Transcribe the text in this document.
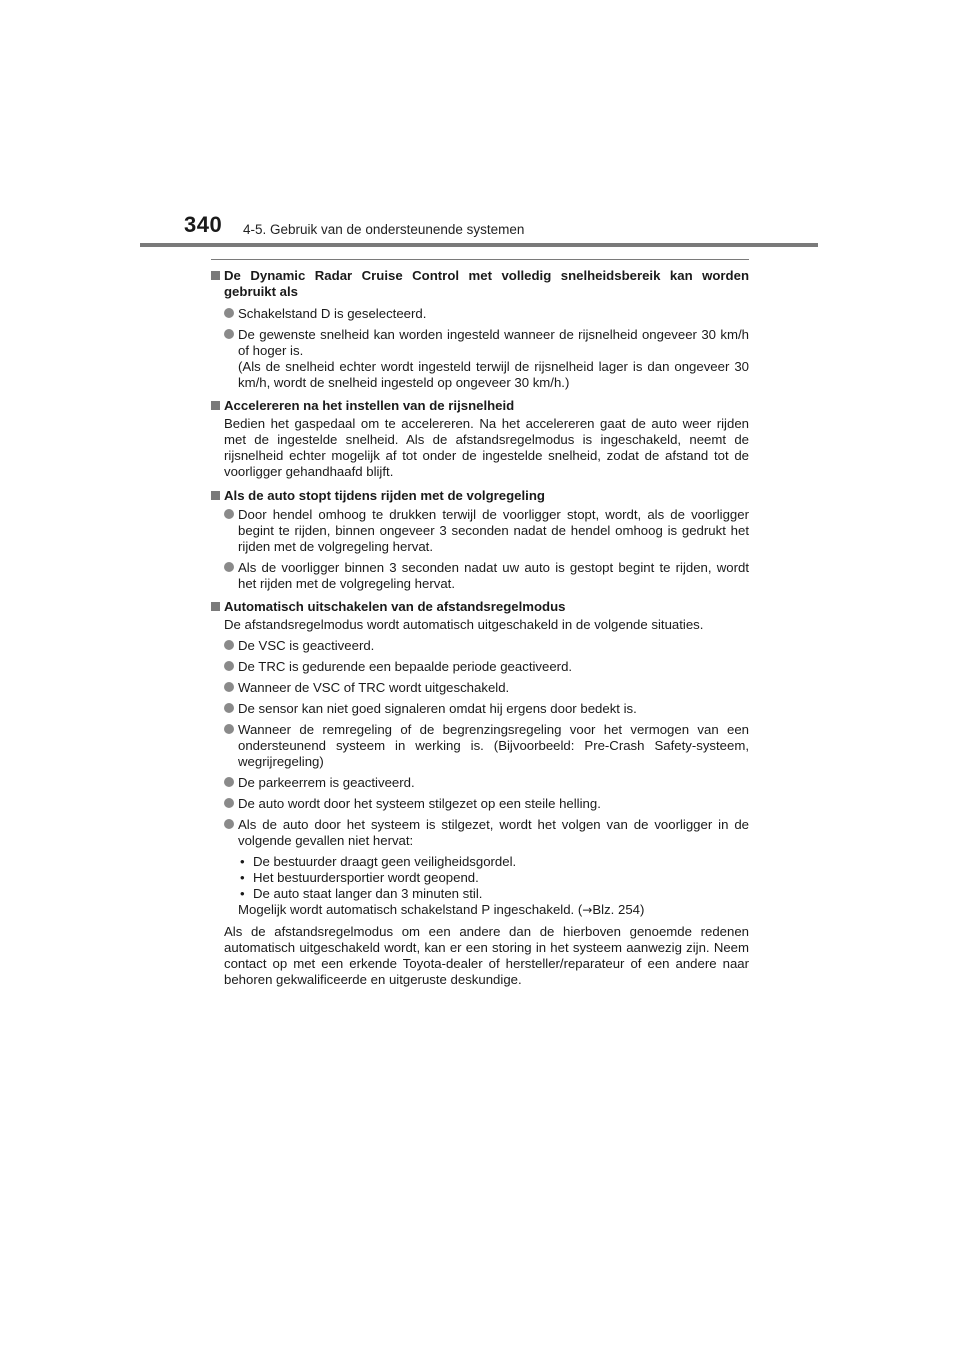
340 4-5. Gebruik van de ondersteunende systemen
De Dynamic Radar Cruise Control met volledig snelheidsbereik kan worden gebruikt als
Schakelstand D is geselecteerd.
De gewenste snelheid kan worden ingesteld wanneer de rijsnelheid ongeveer 30 km/h of hoger is.
(Als de snelheid echter wordt ingesteld terwijl de rijsnelheid lager is dan ongeveer 30 km/h, wordt de snelheid ingesteld op ongeveer 30 km/h.)
Accelereren na het instellen van de rijsnelheid
Bedien het gaspedaal om te accelereren. Na het accelereren gaat de auto weer rijden met de ingestelde snelheid. Als de afstandsregelmodus is ingeschakeld, neemt de rijsnelheid echter mogelijk af tot onder de ingestelde snelheid, zodat de afstand tot de voorligger gehandhaafd blijft.
Als de auto stopt tijdens rijden met de volgregeling
Door hendel omhoog te drukken terwijl de voorligger stopt, wordt, als de voorligger begint te rijden, binnen ongeveer 3 seconden nadat de hendel omhoog is gedrukt het rijden met de volgregeling hervat.
Als de voorligger binnen 3 seconden nadat uw auto is gestopt begint te rijden, wordt het rijden met de volgregeling hervat.
Automatisch uitschakelen van de afstandsregelmodus
De afstandsregelmodus wordt automatisch uitgeschakeld in de volgende situaties.
De VSC is geactiveerd.
De TRC is gedurende een bepaalde periode geactiveerd.
Wanneer de VSC of TRC wordt uitgeschakeld.
De sensor kan niet goed signaleren omdat hij ergens door bedekt is.
Wanneer de remregeling of de begrenzingsregeling voor het vermogen van een ondersteunend systeem in werking is. (Bijvoorbeeld: Pre-Crash Safety-systeem, wegrijregeling)
De parkeerrem is geactiveerd.
De auto wordt door het systeem stilgezet op een steile helling.
Als de auto door het systeem is stilgezet, wordt het volgen van de voorligger in de volgende gevallen niet hervat:
• De bestuurder draagt geen veiligheidsgordel.
• Het bestuurdersportier wordt geopend.
• De auto staat langer dan 3 minuten stil.
Mogelijk wordt automatisch schakelstand P ingeschakeld. (→Blz. 254)
Als de afstandsregelmodus om een andere dan de hierboven genoemde redenen automatisch uitgeschakeld wordt, kan er een storing in het systeem aanwezig zijn. Neem contact op met een erkende Toyota-dealer of hersteller/reparateur of een andere naar behoren gekwalificeerde en uitgeruste deskundige.
